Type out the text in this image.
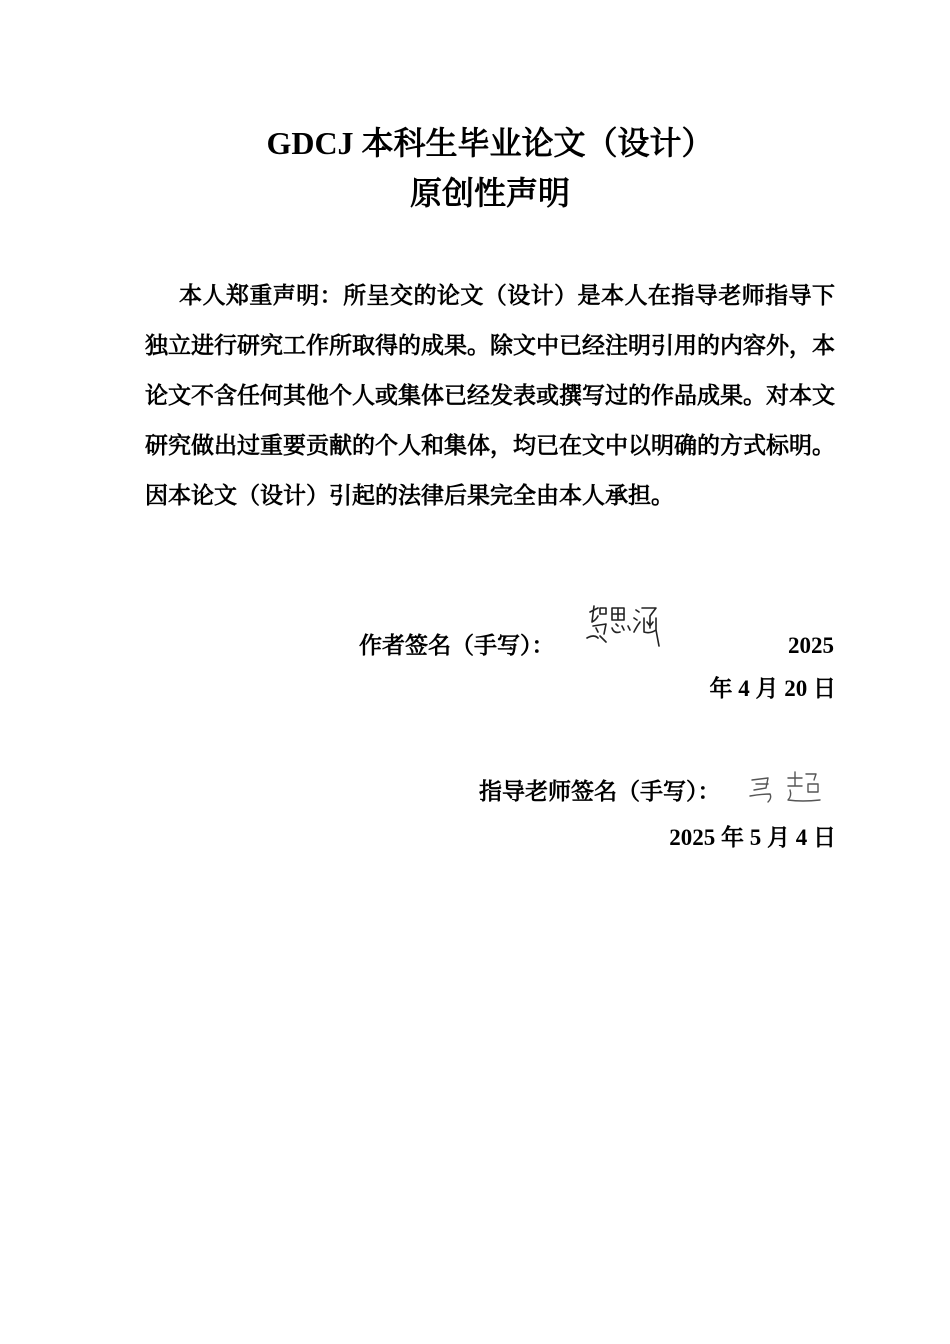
GDCJ 本科生毕业论文（设计）
原创性声明
本人郑重声明：所呈交的论文（设计）是本人在指导老师指导下独立进行研究工作所取得的成果。除文中已经注明引用的内容外，本论文不含任何其他个人或集体已经发表或撰写过的作品成果。对本文研究做出过重要贡献的个人和集体，均已在文中以明确的方式标明。因本论文（设计）引起的法律后果完全由本人承担。
作者签名（手写）：	2025
年 4 月 20 日
指导老师签名（手写）：
2025 年 5 月 4 日
